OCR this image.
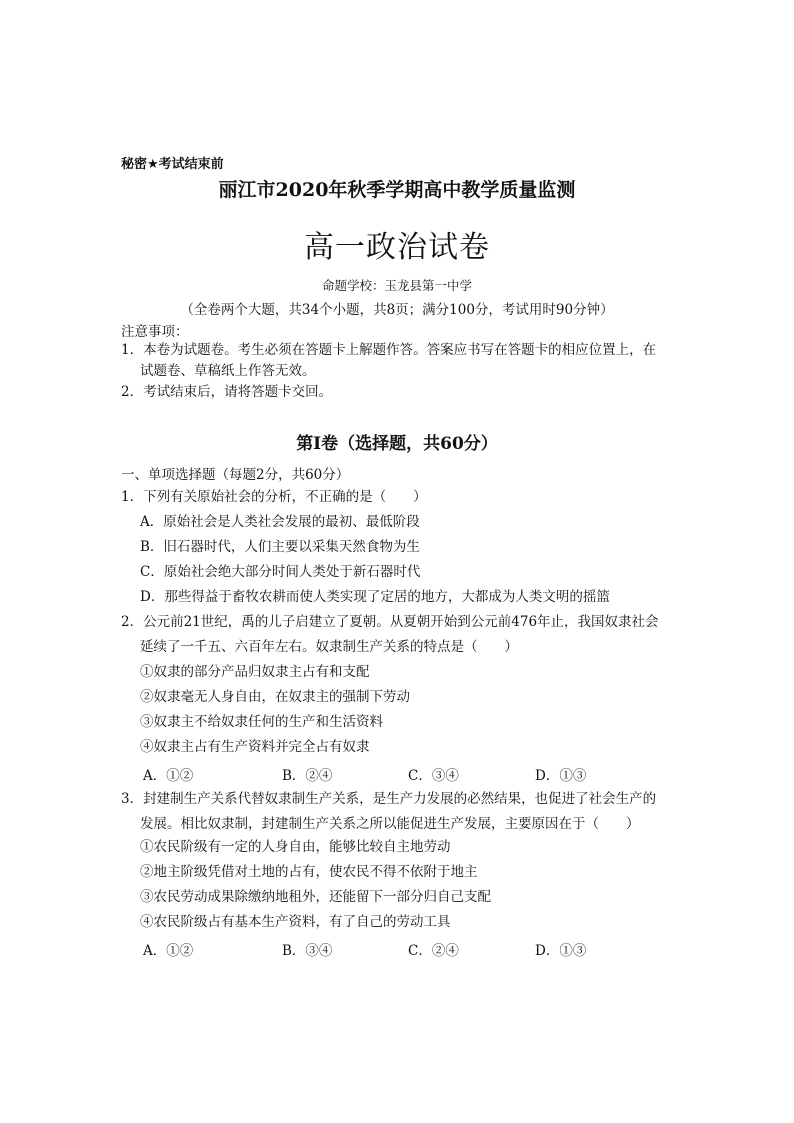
秘密★考试结束前
丽江市2020年秋季学期高中教学质量监测
高一政治试卷
命题学校：玉龙县第一中学
（全卷两个大题，共34个小题，共8页；满分100分，考试用时90分钟）
注意事项：
1．本卷为试题卷。考生必须在答题卡上解题作答。答案应书写在答题卡的相应位置上，在
试题卷、草稿纸上作答无效。
2．考试结束后，请将答题卡交回。
第Ⅰ卷（选择题，共60分）
一、单项选择题（每题2分，共60分）
1．下列有关原始社会的分析，不正确的是（　　）
A．原始社会是人类社会发展的最初、最低阶段
B．旧石器时代，人们主要以采集天然食物为生
C．原始社会绝大部分时间人类处于新石器时代
D．那些得益于畜牧农耕而使人类实现了定居的地方，大都成为人类文明的摇篮
2．公元前21世纪，禹的儿子启建立了夏朝。从夏朝开始到公元前476年止，我国奴隶社会
延续了一千五、六百年左右。奴隶制生产关系的特点是（　　）
①奴隶的部分产品归奴隶主占有和支配
②奴隶毫无人身自由，在奴隶主的强制下劳动
③奴隶主不给奴隶任何的生产和生活资料
④奴隶主占有生产资料并完全占有奴隶
A．①②	B．②④	C．③④	D．①③
3．封建制生产关系代替奴隶制生产关系，是生产力发展的必然结果，也促进了社会生产的
发展。相比奴隶制，封建制生产关系之所以能促进生产发展，主要原因在于（　　）
①农民阶级有一定的人身自由，能够比较自主地劳动
②地主阶级凭借对土地的占有，使农民不得不依附于地主
③农民劳动成果除缴纳地租外，还能留下一部分归自己支配
④农民阶级占有基本生产资料，有了自己的劳动工具
A．①②	B．③④	C．②④	D．①③
